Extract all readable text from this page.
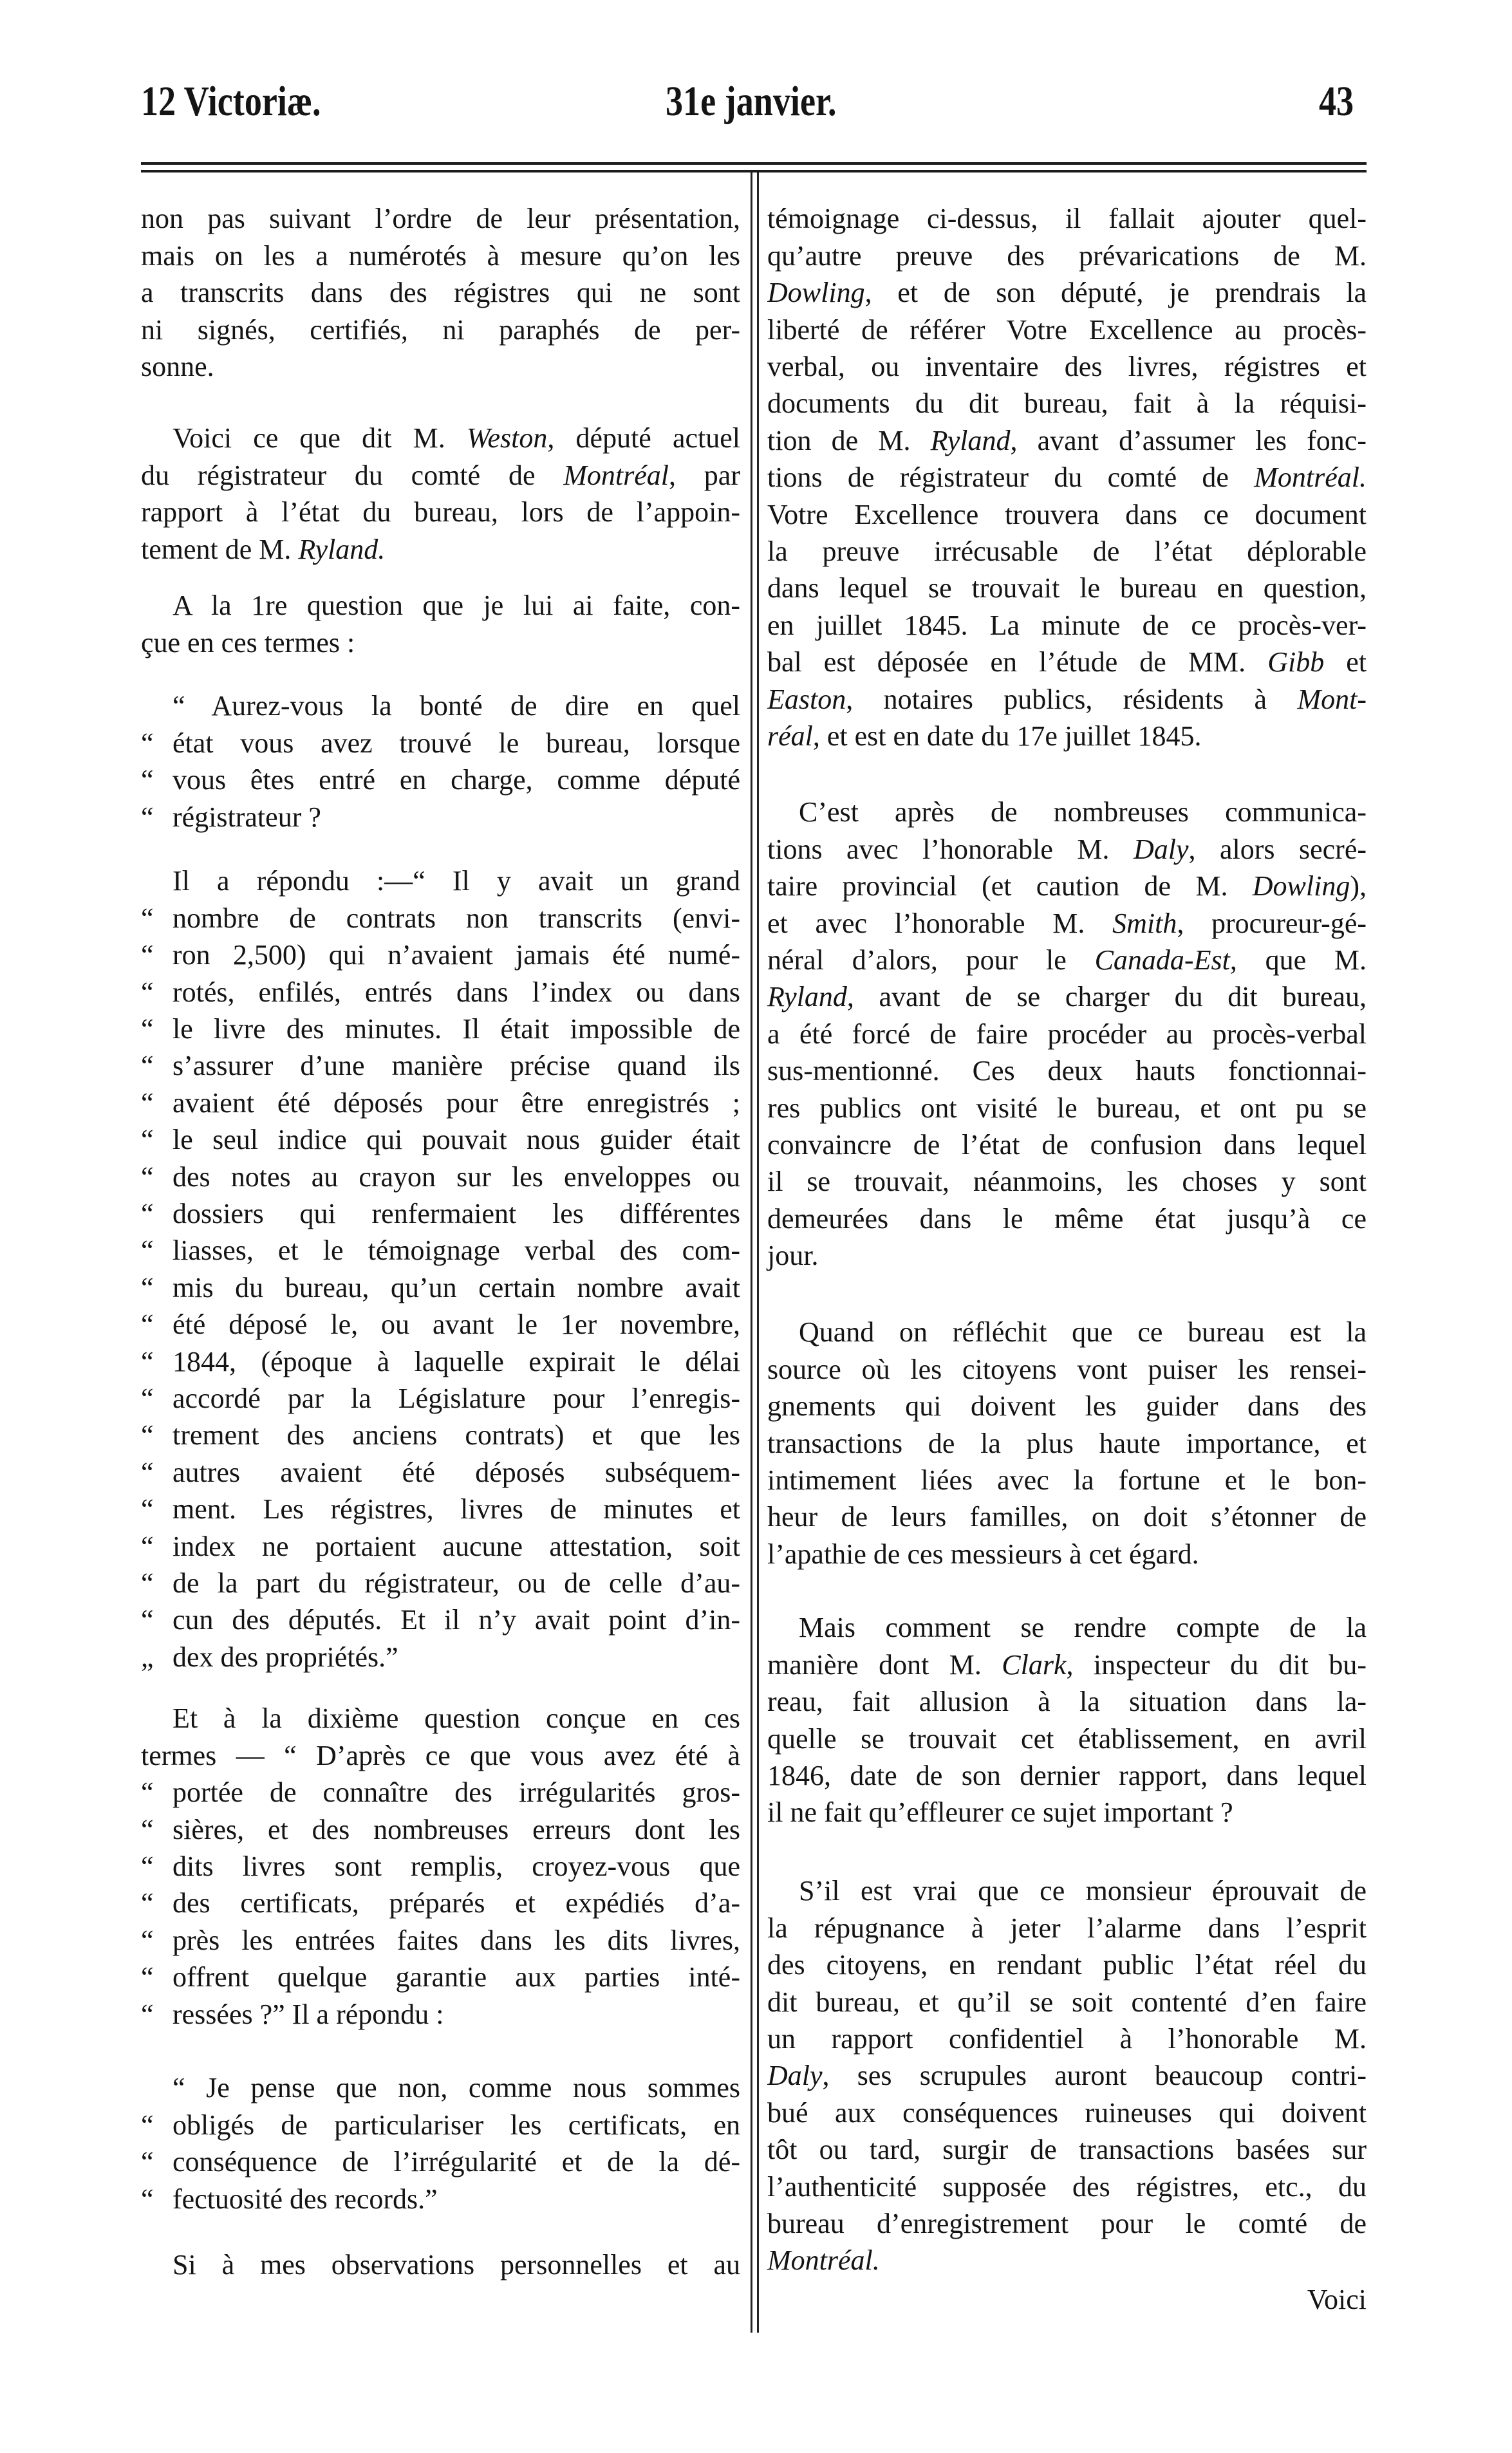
12 Victoriæ.	31e janvier.	43
non pas suivant l’ordre de leur présentation,
mais on les a numérotés à mesure qu’on les
a transcrits dans des régistres qui ne sont
ni signés, certifiés, ni paraphés de per-
sonne.
Voici ce que dit M. Weston, député actuel
du régistrateur du comté de Montréal, par
rapport à l’état du bureau, lors de l’appoin-
tement de M. Ryland.
A la 1re question que je lui ai faite, con-
çue en ces termes :
“ Aurez-vous la bonté de dire en quel
“ état vous avez trouvé le bureau, lorsque
“ vous êtes entré en charge, comme député
“ régistrateur ?
Il a répondu :—“ Il y avait un grand
“ nombre de contrats non transcrits (envi-
“ ron 2,500) qui n’avaient jamais été numé-
“ rotés, enfilés, entrés dans l’index ou dans
“ le livre des minutes. Il était impossible de
“ s’assurer d’une manière précise quand ils
“ avaient été déposés pour être enregistrés ;
“ le seul indice qui pouvait nous guider était
“ des notes au crayon sur les enveloppes ou
“ dossiers qui renfermaient les différentes
“ liasses, et le témoignage verbal des com-
“ mis du bureau, qu’un certain nombre avait
“ été déposé le, ou avant le 1er novembre,
“ 1844, (époque à laquelle expirait le délai
“ accordé par la Législature pour l’enregis-
“ trement des anciens contrats) et que les
“ autres avaient été déposés subséquem-
“ ment. Les régistres, livres de minutes et
“ index ne portaient aucune attestation, soit
“ de la part du régistrateur, ou de celle d’au-
“ cun des députés. Et il n’y avait point d’in-
„ dex des propriétés.”
Et à la dixième question conçue en ces
termes — “ D’après ce que vous avez été à
“ portée de connaître des irrégularités gros-
“ sières, et des nombreuses erreurs dont les
“ dits livres sont remplis, croyez-vous que
“ des certificats, préparés et expédiés d’a-
“ près les entrées faites dans les dits livres,
“ offrent quelque garantie aux parties inté-
“ ressées ?” Il a répondu :
“ Je pense que non, comme nous sommes
“ obligés de particulariser les certificats, en
“ conséquence de l’irrégularité et de la dé-
“ fectuosité des records.”
Si à mes observations personnelles et au
témoignage ci-dessus, il fallait ajouter quel-
qu’autre preuve des prévarications de M.
Dowling, et de son député, je prendrais la
liberté de référer Votre Excellence au procès-
verbal, ou inventaire des livres, régistres et
documents du dit bureau, fait à la réquisi-
tion de M. Ryland, avant d’assumer les fonc-
tions de régistrateur du comté de Montréal.
Votre Excellence trouvera dans ce document
la preuve irrécusable de l’état déplorable
dans lequel se trouvait le bureau en question,
en juillet 1845. La minute de ce procès-ver-
bal est déposée en l’étude de MM. Gibb et
Easton, notaires publics, résidents à Mont-
réal, et est en date du 17e juillet 1845.
C’est après de nombreuses communica-
tions avec l’honorable M. Daly, alors secré-
taire provincial (et caution de M. Dowling),
et avec l’honorable M. Smith, procureur-gé-
néral d’alors, pour le Canada-Est, que M.
Ryland, avant de se charger du dit bureau,
a été forcé de faire procéder au procès-verbal
sus-mentionné. Ces deux hauts fonctionnai-
res publics ont visité le bureau, et ont pu se
convaincre de l’état de confusion dans lequel
il se trouvait, néanmoins, les choses y sont
demeurées dans le même état jusqu’à ce
jour.
Quand on réfléchit que ce bureau est la
source où les citoyens vont puiser les rensei-
gnements qui doivent les guider dans des
transactions de la plus haute importance, et
intimement liées avec la fortune et le bon-
heur de leurs familles, on doit s’étonner de
l’apathie de ces messieurs à cet égard.
Mais comment se rendre compte de la
manière dont M. Clark, inspecteur du dit bu-
reau, fait allusion à la situation dans la-
quelle se trouvait cet établissement, en avril
1846, date de son dernier rapport, dans lequel
il ne fait qu’effleurer ce sujet important ?
S’il est vrai que ce monsieur éprouvait de
la répugnance à jeter l’alarme dans l’esprit
des citoyens, en rendant public l’état réel du
dit bureau, et qu’il se soit contenté d’en faire
un rapport confidentiel à l’honorable M.
Daly, ses scrupules auront beaucoup contri-
bué aux conséquences ruineuses qui doivent
tôt ou tard, surgir de transactions basées sur
l’authenticité supposée des régistres, etc., du
bureau d’enregistrement pour le comté de
Montréal.
Voici
